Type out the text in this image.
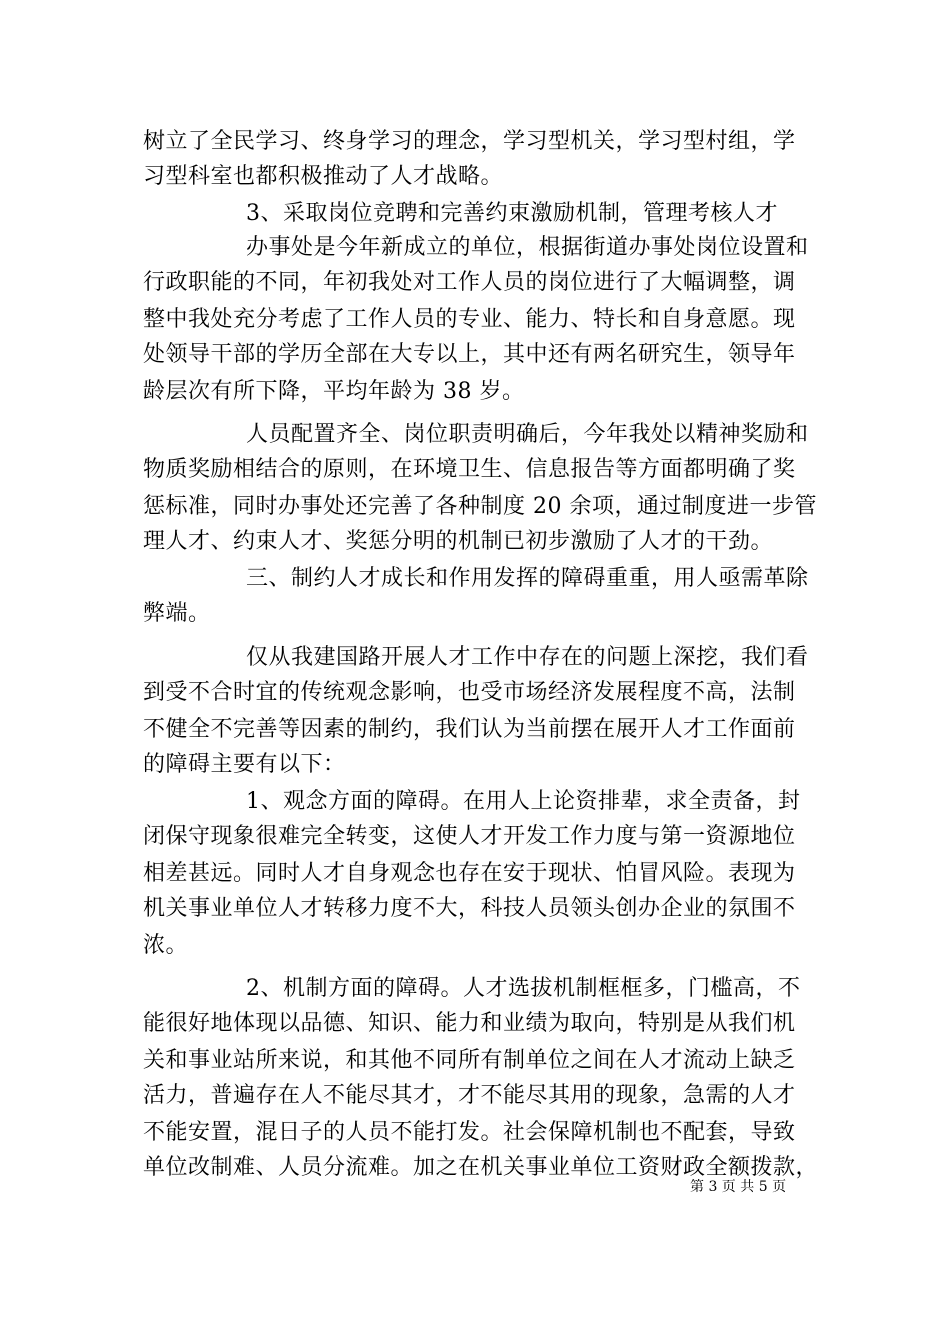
树立了全民学习、终身学习的理念，学习型机关，学习型村组，学
习型科室也都积极推动了人才战略。
3、采取岗位竞聘和完善约束激励机制，管理考核人才
办事处是今年新成立的单位，根据街道办事处岗位设置和
行政职能的不同，年初我处对工作人员的岗位进行了大幅调整，调
整中我处充分考虑了工作人员的专业、能力、特长和自身意愿。现
处领导干部的学历全部在大专以上，其中还有两名研究生，领导年
龄层次有所下降，平均年龄为 38 岁。
人员配置齐全、岗位职责明确后，今年我处以精神奖励和
物质奖励相结合的原则，在环境卫生、信息报告等方面都明确了奖
惩标准，同时办事处还完善了各种制度 20 余项，通过制度进一步管
理人才、约束人才、奖惩分明的机制已初步激励了人才的干劲。
三、制约人才成长和作用发挥的障碍重重，用人亟需革除
弊端。
仅从我建国路开展人才工作中存在的问题上深挖，我们看
到受不合时宜的传统观念影响，也受市场经济发展程度不高，法制
不健全不完善等因素的制约，我们认为当前摆在展开人才工作面前
的障碍主要有以下：
1、观念方面的障碍。在用人上论资排辈，求全责备，封
闭保守现象很难完全转变，这使人才开发工作力度与第一资源地位
相差甚远。同时人才自身观念也存在安于现状、怕冒风险。表现为
机关事业单位人才转移力度不大，科技人员领头创办企业的氛围不
浓。
2、机制方面的障碍。人才选拔机制框框多，门槛高，不
能很好地体现以品德、知识、能力和业绩为取向，特别是从我们机
关和事业站所来说，和其他不同所有制单位之间在人才流动上缺乏
活力，普遍存在人不能尽其才，才不能尽其用的现象，急需的人才
不能安置，混日子的人员不能打发。社会保障机制也不配套，导致
单位改制难、人员分流难。加之在机关事业单位工资财政全额拨款，
第 3 页 共 5 页
